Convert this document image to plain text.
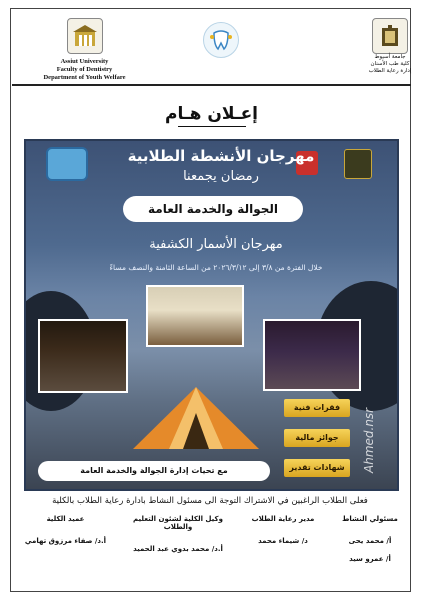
Assiut University
Faculty of Dentistry
Department of Youth Welfare
جامعة أسيوط
كلية طب الأسنان
إدارة رعاية الطلاب
إعـلان هـام
مهرجان الأنشطة الطلابية
رمضان يجمعنا
الجوالة والخدمة العامة
مهرجان الأسمار الكشفية
خلال الفترة من ٣/٨ إلى ٢٠٢٦/٣/١٢ من الساعة الثامنة والنصف مساءً
فقرات فنية
جوائز مالية
شهادات تقدير	Ahmed.nsr
مع تحيات إدارة الجوالة والخدمة العامة
فعلى الطلاب الراغبين في الاشتراك التوجة الى مسئول النشاط بادارة رعاية الطلاب بالكلية
مسئولي النشاط
أ/ محمد يحى
أ/ عمرو سيد
مدير رعاية الطلاب
د/ شيماء محمد
وكيل الكلية لشئون التعليم والطلاب
أ.د/ محمد بدوي عبد الحميد
عميد الكلية
أ.د/ صفاء مرزوق تهامي
